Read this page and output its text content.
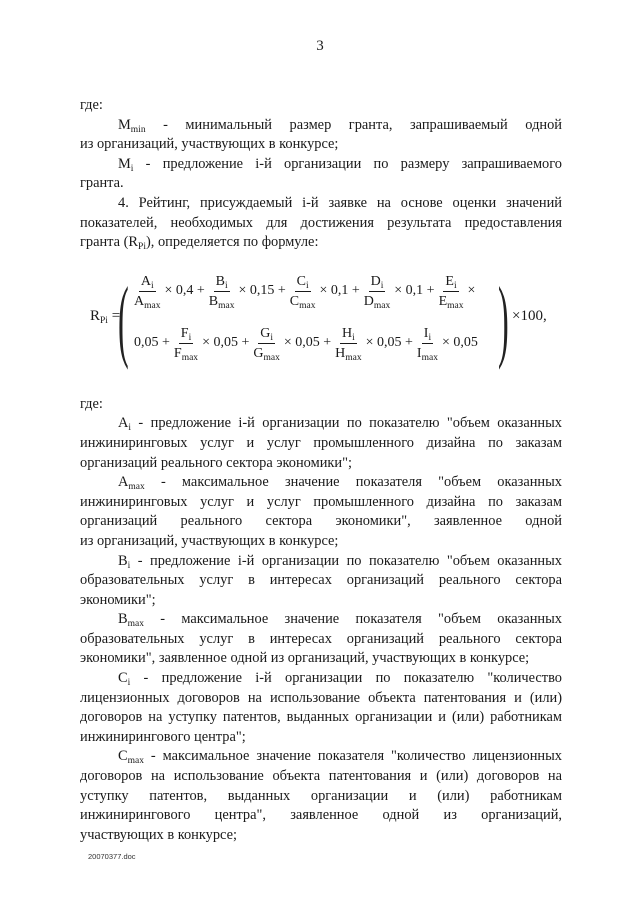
3

где:

$M_{min}$ - минимальный размер гранта, запрашиваемый одной

из организаций, участвующих в конкурсе;

$M_i$ - предложение i-й организации по размеру запрашиваемого

гранта.

4. Рейтинг, присуждаемый i-й заявке на основе оценки значений

показателей, необходимых для достижения результата предоставления

гранта $(R_{Pi})$, определяется по формуле:

$R_{Pi}$ =
( $\frac{A_i}{A_{max}} \times 0,4 + \frac{B_i}{B_{max}} \times 0,15 + \frac{C_i}{C_{max}} \times 0,1 + \frac{D_i}{D_{max}} \times 0,1 + \frac{E_i}{E_{max}}$ ×
$0,05 + \frac{F_i}{F_{max}} \times 0,05 + \frac{G_i}{G_{max}} \times 0,05 + \frac{H_i}{H_{max}} \times 0,05 + \frac{I_i}{I_{max}} \times 0,05$ ) ×100,

где:

$A_i$ - предложение i-й организации по показателю "объем оказанных

инжиниринговых услуг и услуг промышленного дизайна по заказам

организаций реального сектора экономики";

$A_{max}$ - максимальное значение показателя "объем оказанных

инжиниринговых услуг и услуг промышленного дизайна по заказам

организаций реального сектора экономики", заявленное одной

из организаций, участвующих в конкурсе;

$B_i$ - предложение i-й организации по показателю "объем оказанных

образовательных услуг в интересах организаций реального сектора

экономики";

$B_{max}$ - максимальное значение показателя "объем оказанных

образовательных услуг в интересах организаций реального сектора

экономики", заявленное одной из организаций, участвующих в конкурсе;

$C_i$ - предложение i-й организации по показателю "количество

лицензионных договоров на использование объекта патентования и (или)

договоров на уступку патентов, выданных организации и (или) работникам

инжинирингового центра";

$C_{max}$ - максимальное значение показателя "количество лицензионных

договоров на использование объекта патентования и (или) договоров на

уступку патентов, выданных организации и (или) работникам

инжинирингового центра", заявленное одной из организаций,

участвующих в конкурсе;

20070377.doc
